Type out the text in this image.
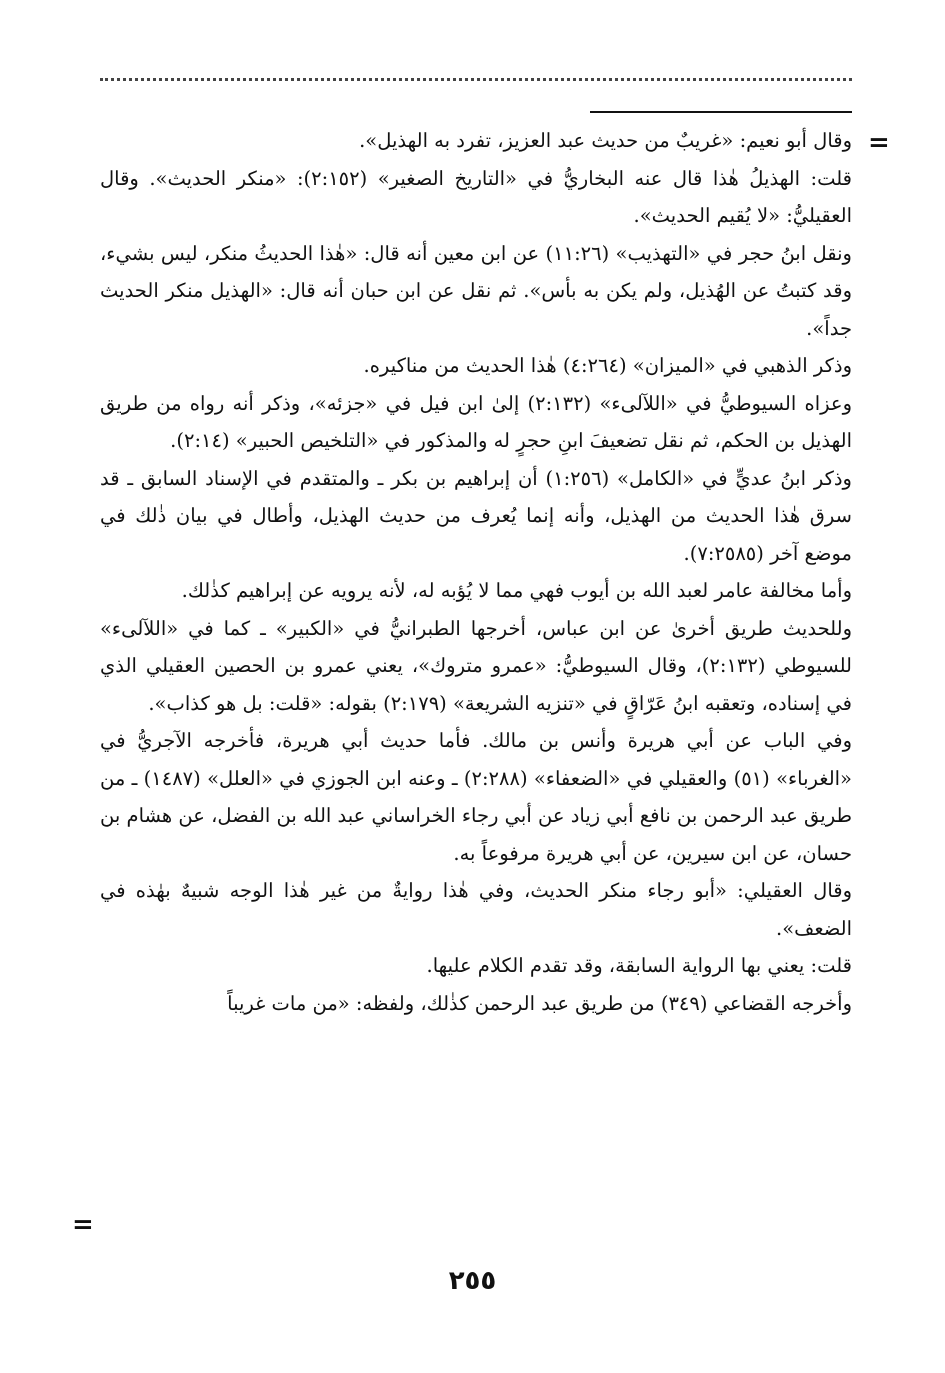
=

وقال أبو نعيم: «غريبٌ من حديث عبد العزيز، تفرد به الهذيل».

قلت: الهذيلُ هٰذا قال عنه البخاريُّ في «التاريخ الصغير» (٢:١٥٢): «منكر الحديث». وقال العقيليُّ: «لا يُقيم الحديث».

ونقل ابنُ حجر في «التهذيب» (١١:٢٦) عن ابن معين أنه قال: «هٰذا الحديثُ منكر، ليس بشيء، وقد كتبتُ عن الهُذيل، ولم يكن به بأس». ثم نقل عن ابن حبان أنه قال: «الهذيل منكر الحديث جداً».

وذكر الذهبي في «الميزان» (٤:٢٦٤) هٰذا الحديث من مناكيره.

وعزاه السيوطيُّ في «اللآلىء» (٢:١٣٢) إلىٰ ابن فيل في «جزئه»، وذكر أنه رواه من طريق الهذيل بن الحكم، ثم نقل تضعيفَ ابنِ حجرٍ له والمذكور في «التلخيص الحبير» (٢:١٤).

وذكر ابنُ عديٍّ في «الكامل» (١:٢٥٦) أن إبراهيم بن بكر ـ والمتقدم في الإسناد السابق ـ قد سرق هٰذا الحديث من الهذيل، وأنه إنما يُعرف من حديث الهذيل، وأطال في بيان ذٰلك في موضع آخر (٧:٢٥٨٥).

وأما مخالفة عامر لعبد الله بن أيوب فهي مما لا يُؤبه له، لأنه يرويه عن إبراهيم كذٰلك.

وللحديث طريق أخرىٰ عن ابن عباس، أخرجها الطبرانيُّ في «الكبير» ـ كما في «اللآلىء» للسيوطي (٢:١٣٢)، وقال السيوطيُّ: «عمرو متروك»، يعني عمرو بن الحصين العقيلي الذي في إسناده، وتعقبه ابنُ عَرّاقٍ في «تنزيه الشريعة» (٢:١٧٩) بقوله: «قلت: بل هو كذاب».

وفي الباب عن أبي هريرة وأنس بن مالك. فأما حديث أبي هريرة، فأخرجه الآجريُّ في «الغرباء» (٥١) والعقيلي في «الضعفاء» (٢:٢٨٨) ـ وعنه ابن الجوزي في «العلل» (١٤٨٧) ـ من طريق عبد الرحمن بن نافع أبي زياد عن أبي رجاء الخراساني عبد الله بن الفضل، عن هشام بن حسان، عن ابن سيرين، عن أبي هريرة مرفوعاً به.

وقال العقيلي: «أبو رجاء منكر الحديث، وفي هٰذا روايةٌ من غير هٰذا الوجه شبيهٌ بهٰذه في الضعف».

قلت: يعني بها الرواية السابقة، وقد تقدم الكلام عليها.

وأخرجه القضاعي (٣٤٩) من طريق عبد الرحمن كذٰلك، ولفظه: «من مات غريباً

=
٢٥٥
